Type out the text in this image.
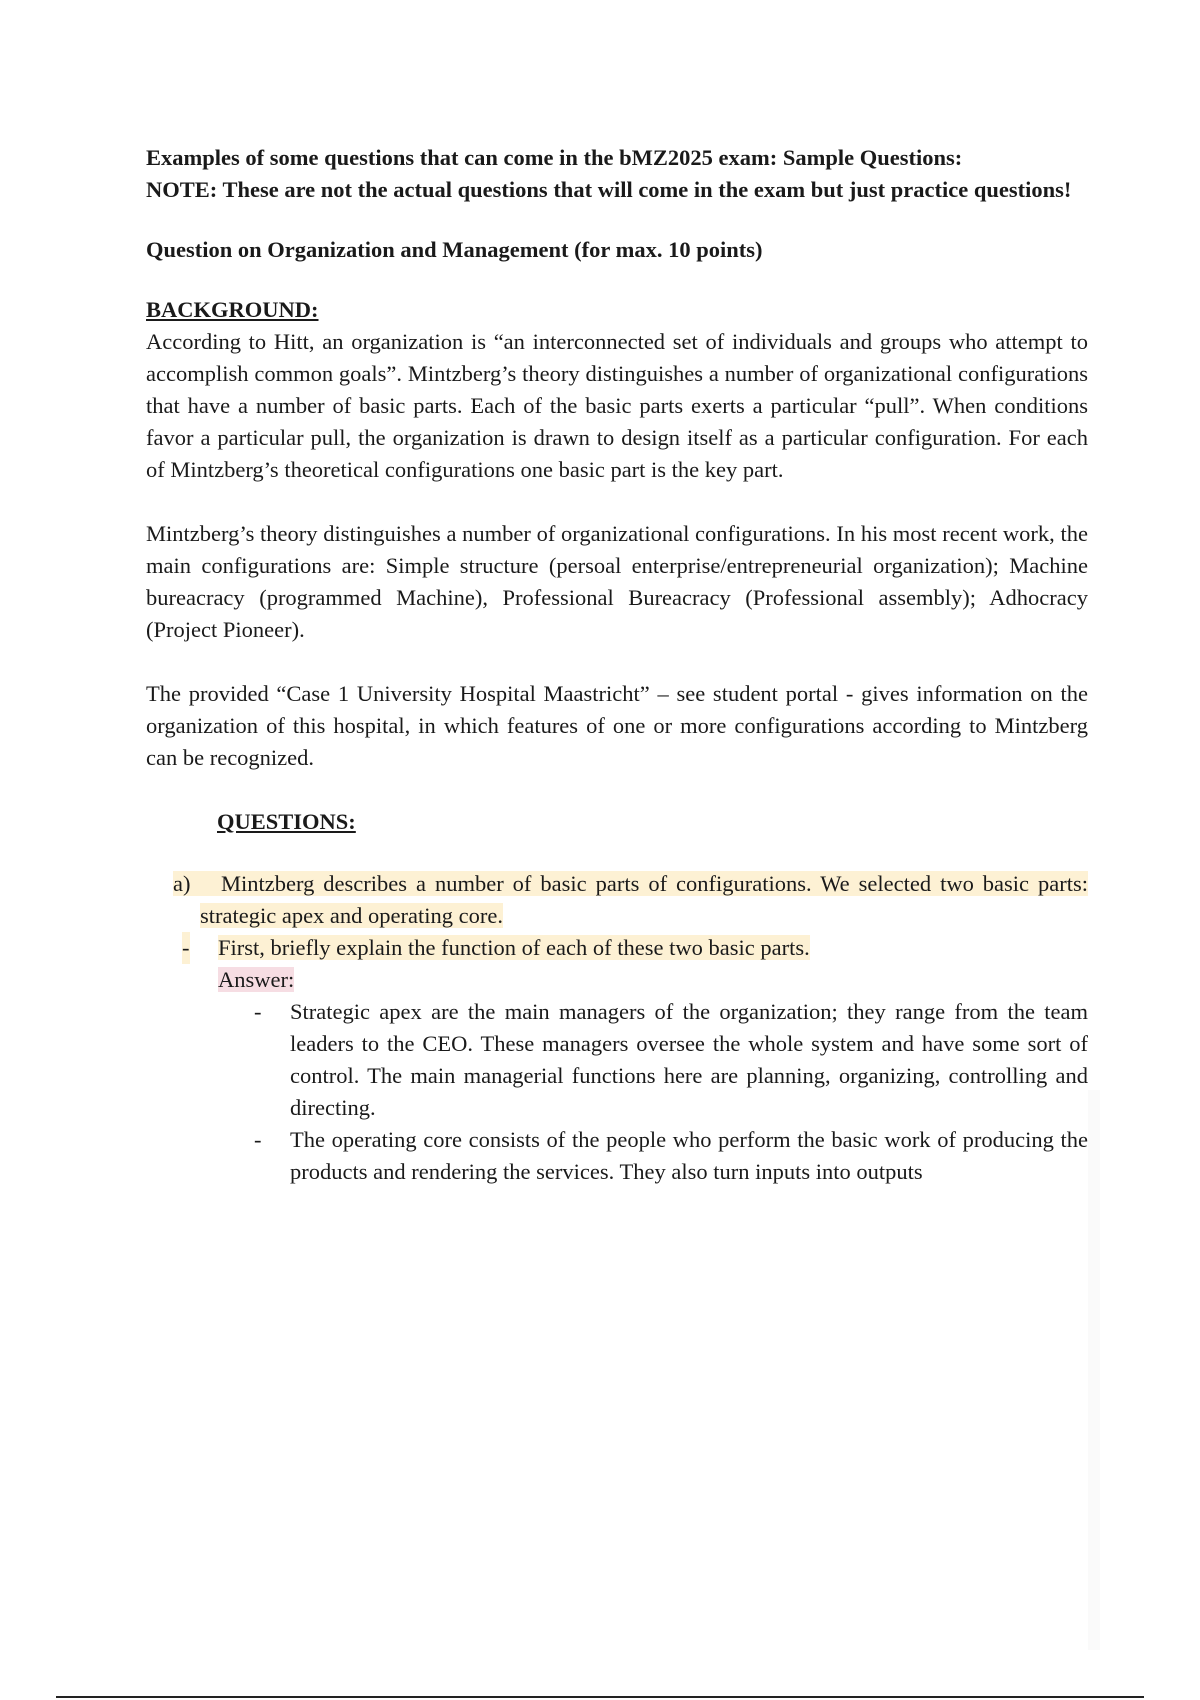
Examples of some questions that can come in the bMZ2025 exam: Sample Questions:
NOTE: These are not the actual questions that will come in the exam but just practice questions!

Question on Organization and Management (for max. 10 points)

BACKGROUND:

According to Hitt, an organization is “an interconnected set of individuals and groups who attempt to accomplish common goals”. Mintzberg’s theory distinguishes a number of organizational configurations that have a number of basic parts. Each of the basic parts exerts a particular “pull”. When conditions favor a particular pull, the organization is drawn to design itself as a particular configuration. For each of Mintzberg’s theoretical configurations one basic part is the key part.

Mintzberg’s theory distinguishes a number of organizational configurations. In his most recent work, the main configurations are: Simple structure (persoal enterprise/entrepreneurial organization); Machine bureacracy (programmed Machine), Professional Bureacracy (Professional assembly); Adhocracy (Project Pioneer).

The provided “Case 1 University Hospital Maastricht” – see student portal - gives information on the organization of this hospital, in which features of one or more configurations according to Mintzberg can be recognized.

QUESTIONS:
a) Mintzberg describes a number of basic parts of configurations. We selected two basic parts: strategic apex and operating core.
- First, briefly explain the function of each of these two basic parts.
Answer:
- Strategic apex are the main managers of the organization; they range from the team leaders to the CEO. These managers oversee the whole system and have some sort of control. The main managerial functions here are planning, organizing, controlling and directing.
- The operating core consists of the people who perform the basic work of producing the products and rendering the services. They also turn inputs into outputs
